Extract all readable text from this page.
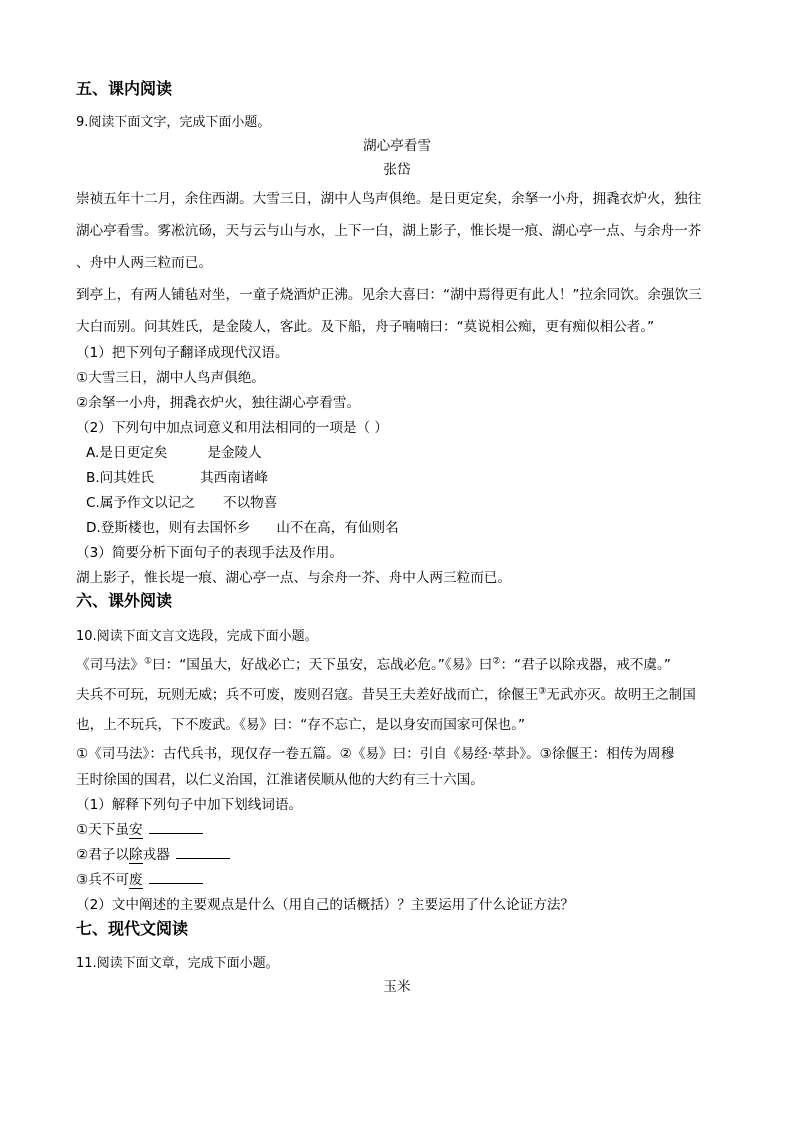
五、课内阅读
9.阅读下面文字，完成下面小题。
湖心亭看雪
张岱
崇祯五年十二月，余住西湖。大雪三日，湖中人鸟声俱绝。是日更定矣，余拏一小舟，拥毳衣炉火，独往
湖心亭看雪。雾凇沆砀，天与云与山与水，上下一白，湖上影子，惟长堤一痕、湖心亭一点、与余舟一芥
、舟中人两三粒而已。
到亭上，有两人铺毡对坐，一童子烧酒炉正沸。见余大喜曰：“湖中焉得更有此人！”拉余同饮。余强饮三
大白而别。问其姓氏，是金陵人，客此。及下船，舟子喃喃曰：“莫说相公痴，更有痴似相公者。”
（1）把下列句子翻译成现代汉语。
①大雪三日，湖中人鸟声俱绝。
②余拏一小舟，拥毳衣炉火，独往湖心亭看雪。
（2）下列句中加点词意义和用法相同的一项是（ ）
A.是日更定矣	是金陵人
B.问其姓氏	其西南诸峰
C.属予作文以记之 不以物喜
D.登斯楼也，则有去国怀乡 山不在高，有仙则名
（3）简要分析下面句子的表现手法及作用。
湖上影子，惟长堤一痕、湖心亭一点、与余舟一芥、舟中人两三粒而已。
六、课外阅读
10.阅读下面文言文选段，完成下面小题。
《司马法》①曰：“国虽大，好战必亡；天下虽安，忘战必危。”《易》曰②：“君子以除戎器，戒不虞。”
夫兵不可玩，玩则无威；兵不可废，废则召寇。昔吴王夫差好战而亡，徐偃王③无武亦灭。故明王之制国
也，上不玩兵，下不废武。《易》曰：“存不忘亡，是以身安而国家可保也。”
①《司马法》：古代兵书，现仅存一卷五篇。②《易》曰：引自《易经·萃卦》。③徐偃王：相传为周穆
王时徐国的国君，以仁义治国，江淮诸侯顺从他的大约有三十六国。
（1）解释下列句子中加下划线词语。
①天下虽安
②君子以除戎器
③兵不可废
（2）文中阐述的主要观点是什么（用自己的话概括）？主要运用了什么论证方法？
七、现代文阅读
11.阅读下面文章，完成下面小题。
玉米
